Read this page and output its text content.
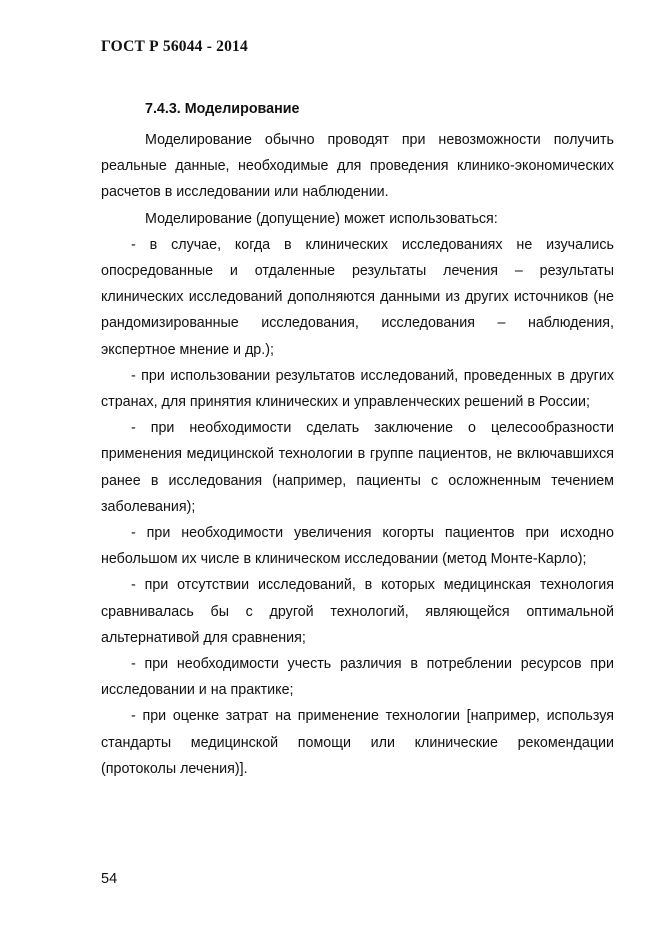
ГОСТ Р 56044 - 2014
7.4.3. Моделирование

Моделирование обычно проводят при невозможности получить реальные данные, необходимые для проведения клинико-экономических расчетов в исследовании или наблюдении.

Моделирование (допущение) может использоваться:

- в случае, когда в клинических исследованиях не изучались опосредованные и отдаленные результаты лечения – результаты клинических исследований дополняются данными из других источников (не рандомизированные исследования, исследования – наблюдения, экспертное мнение и др.);

- при использовании результатов исследований, проведенных в других странах, для принятия клинических и управленческих решений в России;

- при необходимости сделать заключение о целесообразности применения медицинской технологии в группе пациентов, не включавшихся ранее в исследования (например, пациенты с осложненным течением заболевания);

- при необходимости увеличения когорты пациентов при исходно небольшом их числе в клиническом исследовании (метод Монте-Карло);

- при отсутствии исследований, в которых медицинская технология сравнивалась бы с другой технологий, являющейся оптимальной альтернативой для сравнения;

- при необходимости учесть различия в потреблении ресурсов при исследовании и на практике;

- при оценке затрат на применение технологии [например, используя стандарты медицинской помощи или клинические рекомендации (протоколы лечения)].

54
